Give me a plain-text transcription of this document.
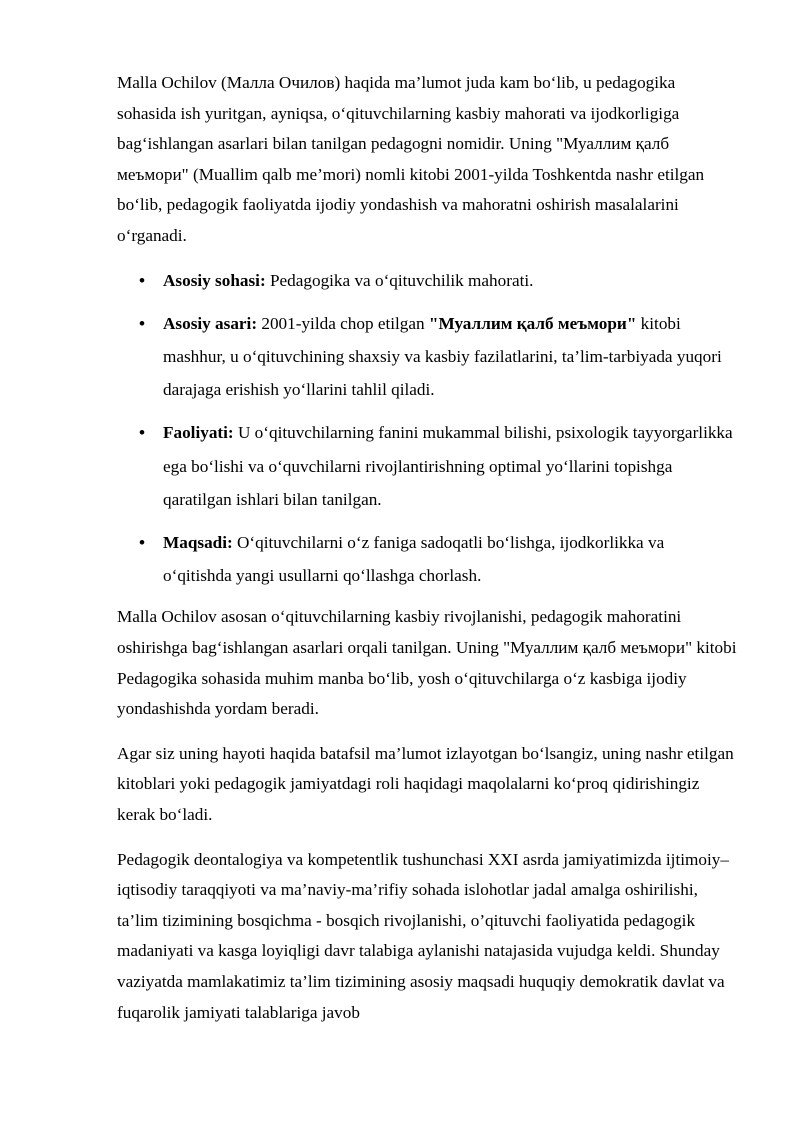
Malla Ochilov (Малла Очилов) haqida ma’lumot juda kam bo‘lib, u pedagogika sohasida ish yuritgan, ayniqsa, o‘qituvchilarning kasbiy mahorati va ijodkorligiga bag‘ishlangan asarlari bilan tanilgan pedagogni nomidir. Uning "Муаллим қалб меъмори" (Muallim qalb me’mori) nomli kitobi 2001-yilda Toshkentda nashr etilgan bo‘lib, pedagogik faoliyatda ijodiy yondashish va mahoratni oshirish masalalarini o‘rganadi.

• Asosiy sohasi: Pedagogika va o‘qituvchilik mahorati.
• Asosiy asari: 2001-yilda chop etilgan "Муаллим қалб меъмори" kitobi mashhur, u o‘qituvchining shaxsiy va kasbiy fazilatlarini, ta’lim-tarbiyada yuqori darajaga erishish yo‘llarini tahlil qiladi.
• Faoliyati: U o‘qituvchilarning fanini mukammal bilishi, psixologik tayyorgarlikka ega bo‘lishi va o‘quvchilarni rivojlantirishning optimal yo‘llarini topishga qaratilgan ishlari bilan tanilgan.
• Maqsadi: O‘qituvchilarni o‘z faniga sadoqatli bo‘lishga, ijodkorlikka va o‘qitishda yangi usullarni qo‘llashga chorlash.

Malla Ochilov asosan o‘qituvchilarning kasbiy rivojlanishi, pedagogik mahoratini oshirishga bag‘ishlangan asarlari orqali tanilgan. Uning "Муаллим қалб меъмори" kitobi Pedagogika sohasida muhim manba bo‘lib, yosh o‘qituvchilarga o‘z kasbiga ijodiy yondashishda yordam beradi.

Agar siz uning hayoti haqida batafsil ma’lumot izlayotgan bo‘lsangiz, uning nashr etilgan kitoblari yoki pedagogik jamiyatdagi roli haqidagi maqolalarni ko‘proq qidirishingiz kerak bo‘ladi.

Pedagogik deontalogiya va kompetentlik tushunchasi XXI asrda jamiyatimizda ijtimoiy–iqtisodiy taraqqiyoti va ma’naviy-ma’rifiy sohada islohotlar jadal amalga oshirilishi, ta’lim tizimining bosqichma - bosqich rivojlanishi, o’qituvchi faoliyatida pedagogik madaniyati va kasga loyiqligi davr talabiga aylanishi natajasida vujudga keldi. Shunday vaziyatda mamlakatimiz ta’lim tizimining asosiy maqsadi huquqiy demokratik davlat va fuqarolik jamiyati talablariga javob
